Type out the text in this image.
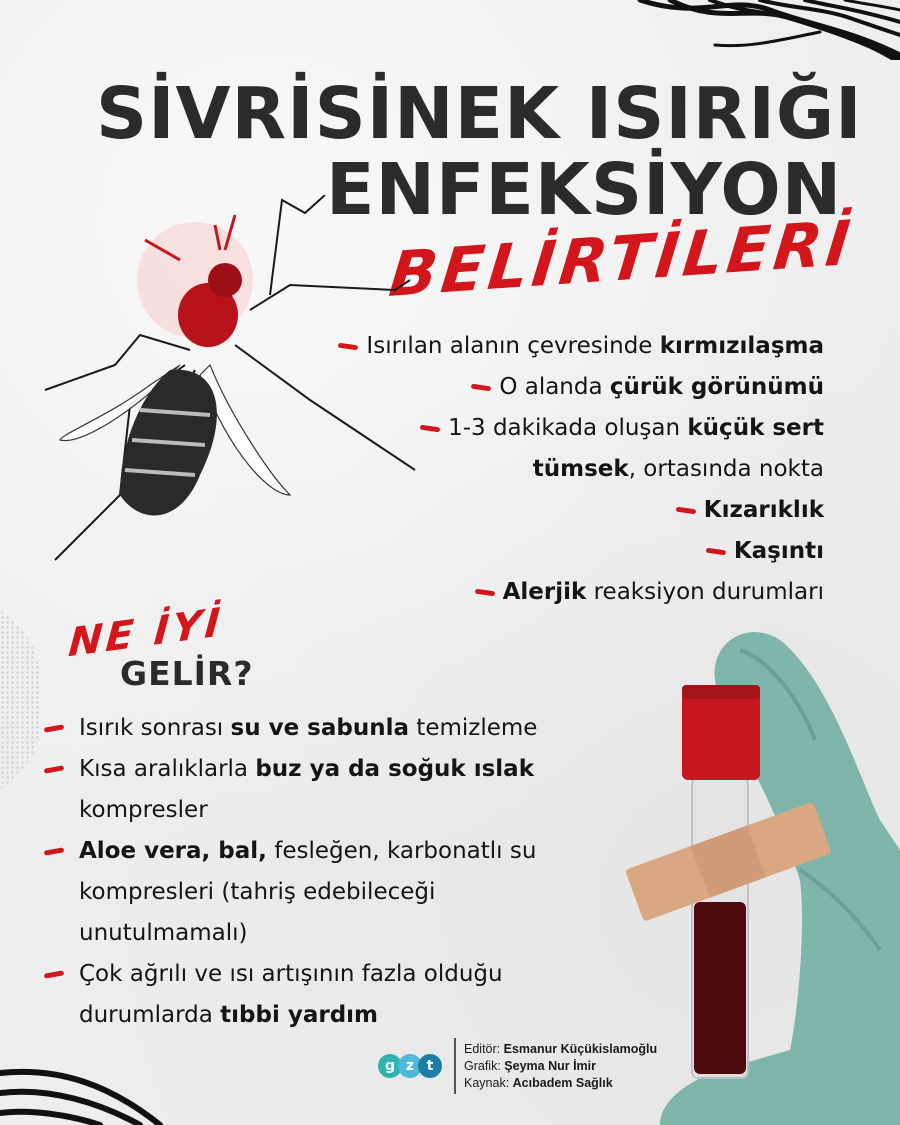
SİVRİSİNEK ISIRIĞI
ENFEKSİYON
BELİRTİLERİ
Isırılan alanın çevresinde kırmızılaşma
O alanda çürük görünümü
1-3 dakikada oluşan küçük sert
tümsek, ortasında nokta
Kızarıklık
Kaşıntı
Alerjik reaksiyon durumları
NE İYİ
GELİR?
Isırık sonrası su ve sabunla temizleme
Kısa aralıklarla buz ya da soğuk ıslak kompresler
Aloe vera, bal, fesleğen, karbonatlı su kompresleri (tahriş edebileceği unutulmamalı)
Çok ağrılı ve ısı artışının fazla olduğu durumlarda tıbbi yardım
g z t
Editör: Esmanur Küçükislamoğlu
Grafik: Şeyma Nur İmir
Kaynak: Acıbadem Sağlık
